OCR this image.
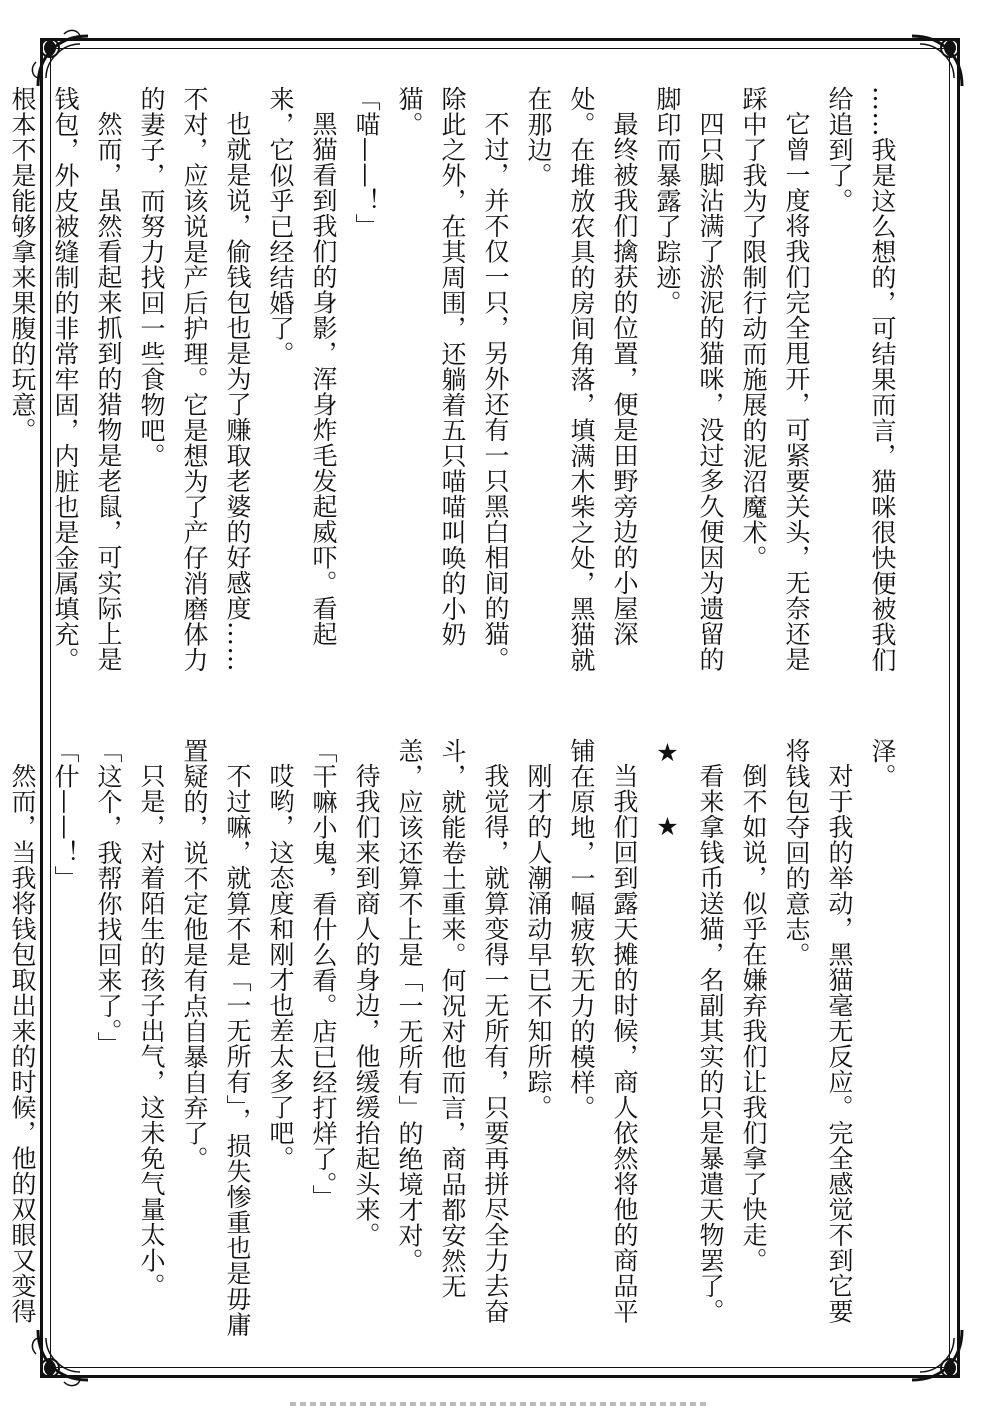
……我是这么想的，可结果而言，猫咪很快便被我们给追到了。

它曾一度将我们完全甩开，可紧要关头，无奈还是踩中了我为了限制行动而施展的泥沼魔术。

四只脚沾满了淤泥的猫咪，没过多久便因为遗留的脚印而暴露了踪迹。

最终被我们擒获的位置，便是田野旁边的小屋深处。在堆放农具的房间角落，填满木柴之处，黑猫就在那边。

不过，并不仅一只，另外还有一只黑白相间的猫。除此之外，在其周围，还躺着五只喵喵叫唤的小奶猫。

「喵——！」

黑猫看到我们的身影，浑身炸毛发起威吓。看起来，它似乎已经结婚了。

也就是说，偷钱包也是为了赚取老婆的好感度……不对，应该说是产后护理。它是想为了产仔消磨体力的妻子，而努力找回一些食物吧。

然而，虽然看起来抓到的猎物是老鼠，可实际上是钱包，外皮被缝制的非常牢固，内脏也是金属填充。根本不是能够拿来果腹的玩意。

泽。

对于我的举动，黑猫毫无反应。完全感觉不到它要将钱包夺回的意志。

倒不如说，似乎在嫌弃我们让我们拿了快走。

看来拿钱币送猫，名副其实的只是暴遣天物罢了。

★　★

当我们回到露天摊的时候，商人依然将他的商品平铺在原地，一幅疲软无力的模样。

刚才的人潮涌动早已不知所踪。

我觉得，就算变得一无所有，只要再拼尽全力去奋斗，就能卷土重来。何况对他而言，商品都安然无恙，应该还算不上是「一无所有」的绝境才对。

待我们来到商人的身边，他缓缓抬起头来。

「干嘛小鬼，看什么看。店已经打烊了。」

哎哟，这态度和刚才也差太多了吧。

不过嘛，就算不是「一无所有」，损失惨重也是毋庸置疑的，说不定他是有点自暴自弃了。

只是，对着陌生的孩子出气，这未免气量太小。

「这个，我帮你找回来了。」

「什——！」

然而，当我将钱包取出来的时候，他的双眼又变得
